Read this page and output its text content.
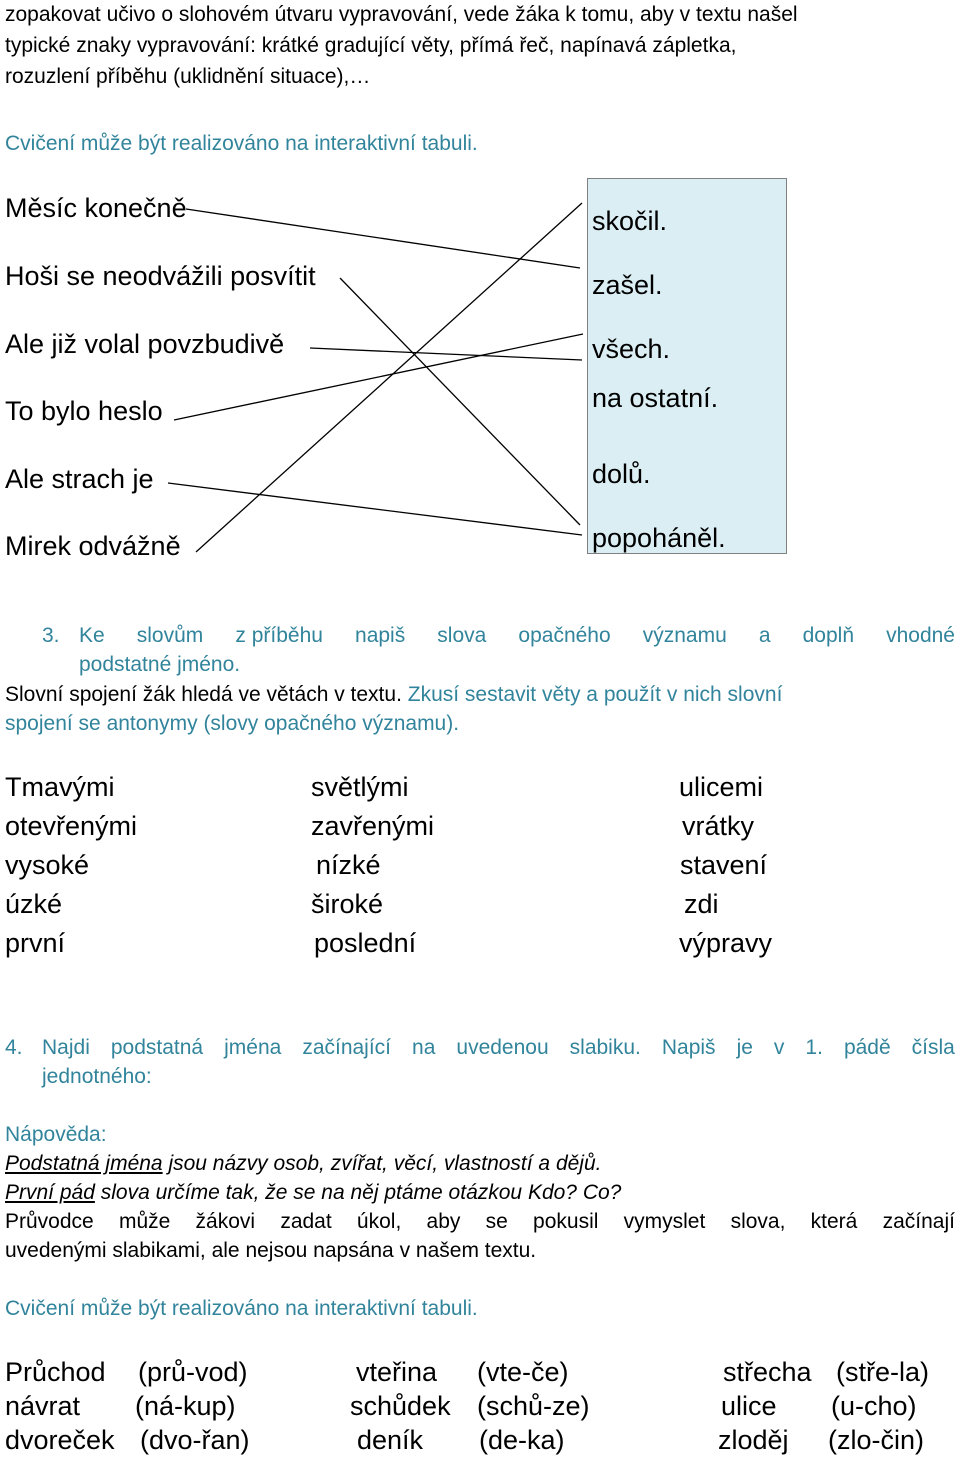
zopakovat učivo o slohovém útvaru vypravování, vede žáka k tomu, aby v textu našel
typické znaky vypravování: krátké gradující věty, přímá řeč, napínavá zápletka,
rozuzlení příběhu (uklidnění situace),…
Cvičení může být realizováno na interaktivní tabuli.
Měsíc konečně
Hoši se neodvážili posvítit
Ale již volal povzbudivě
To bylo heslo
Ale strach je
Mirek odvážně
skočil.
zašel.
všech.
na ostatní.
dolů.
popoháněl.
3. Ke slovům z příběhu napiš slova opačného významu a doplň vhodné
podstatné jméno.
Slovní spojení žák hledá ve větách v textu. Zkusí sestavit věty a použít v nich slovní
spojení se antonymy (slovy opačného významu).
Tmavými	světlými	ulicemi
otevřenými	zavřenými	vrátky
vysoké	nízké	stavení
úzké	široké	zdi
první	poslední	výpravy
4. Najdi podstatná jména začínající na uvedenou slabiku. Napiš je v 1. pádě čísla
jednotného:
Nápověda:
Podstatná jména jsou názvy osob, zvířat, věcí, vlastností a dějů.
První pád slova určíme tak, že se na něj ptáme otázkou Kdo? Co?
Průvodce může žákovi zadat úkol, aby se pokusil vymyslet slova, která začínají
uvedenými slabikami, ale nejsou napsána v našem textu.
Cvičení může být realizováno na interaktivní tabuli.
Průchod (prů-vod)	vteřina (vte-če)	střecha (stře-la)
návrat (ná-kup)	schůdek (schů-ze)	ulice (u-cho)
dvoreček (dvo-řan)	deník (de-ka)	zloděj (zlo-čin)
